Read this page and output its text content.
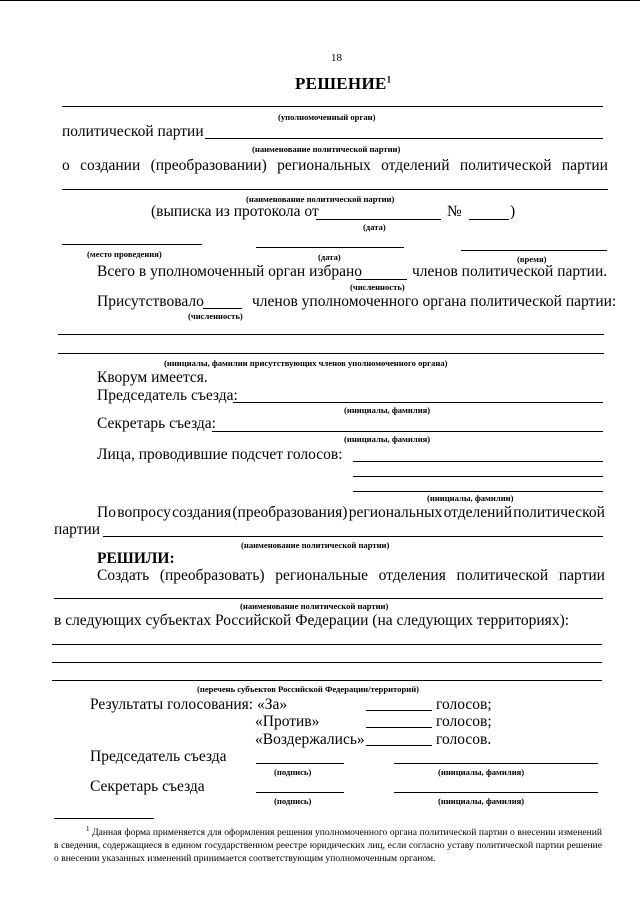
18
РЕШЕНИЕ$^1$
(уполномоченный орган)
политической партии
(наименование политической партии)
о создании (преобразовании) региональных отделений политической партии
(наименование политической партии)
(выписка из протокола от	№	)
(дата)
(место проведения)	(дата)	(время)
Всего в уполномоченный орган избрано	членов политической партии.
(численность)
Присутствовало	членов уполномоченного органа политической партии:
(численность)
(инициалы, фамилии присутствующих членов уполномоченного органа)
Кворум имеется.
Председатель съезда:
(инициалы, фамилия)
Секретарь съезда:
(инициалы, фамилия)
Лица, проводившие подсчет голосов:
(инициалы, фамилии)
По вопросу создания (преобразования) региональных отделений политической
партии
(наименование политической партии)
РЕШИЛИ:
Создать (преобразовать) региональные отделения политической партии
(наименование политической партии)
в следующих субъектах Российской Федерации (на следующих территориях):
(перечень субъектов Российской Федерации/территорий)
Результаты голосования: «За»	голосов;
«Против»	голосов;
«Воздержались»	голосов.
Председатель съезда
(подпись)	(инициалы, фамилия)
Секретарь съезда
(подпись)	(инициалы, фамилия)
$^1$ Данная форма применяется для оформления решения уполномоченного органа политической партии о внесении изменений в сведения, содержащиеся в едином государственном реестре юридических лиц, если согласно уставу политической партии решение о внесении указанных изменений принимается соответствующим уполномоченным органом.
